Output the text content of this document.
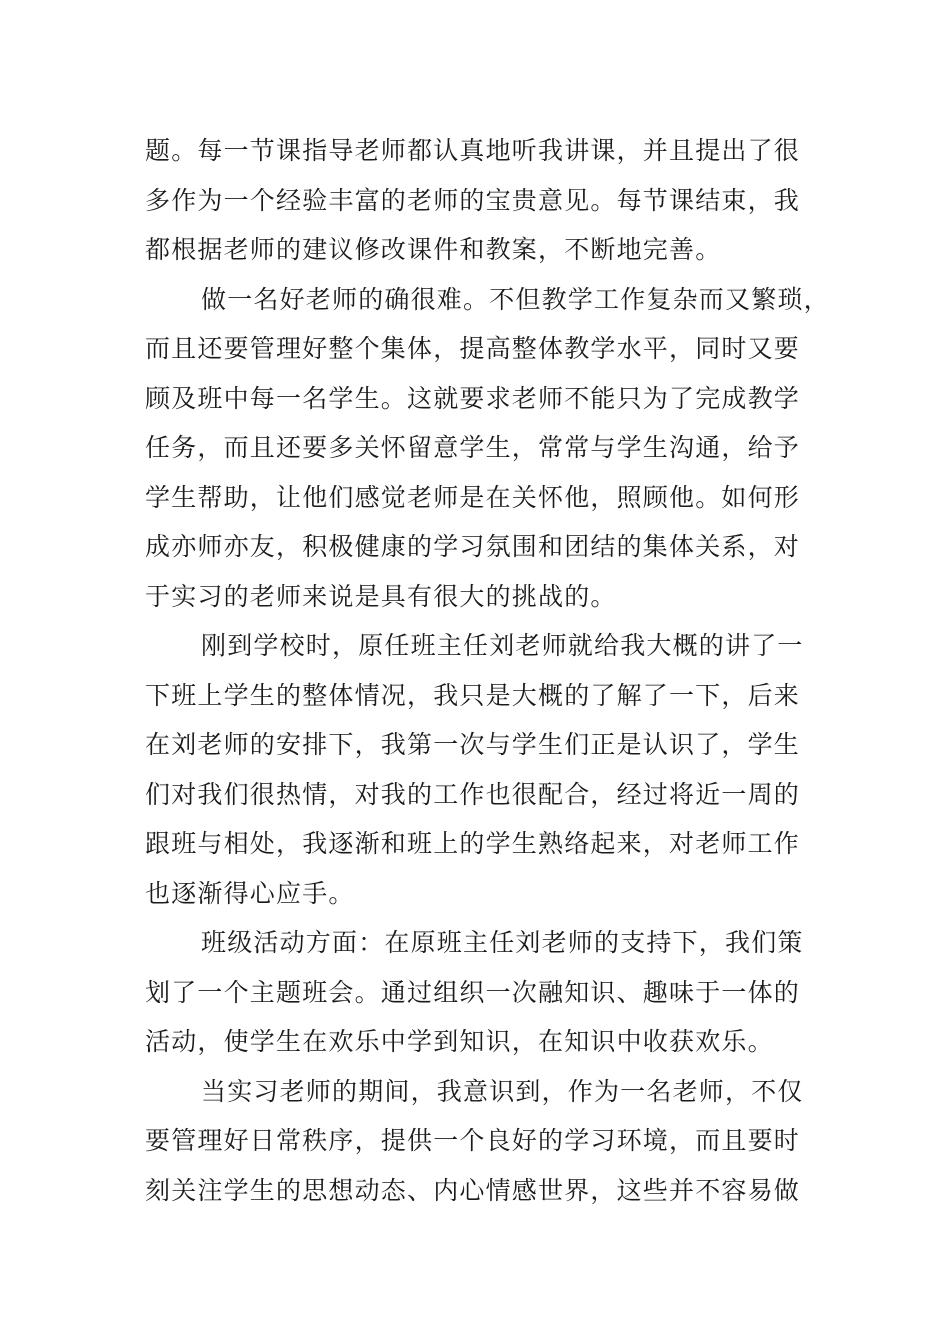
题。每一节课指导老师都认真地听我讲课，并且提出了很
多作为一个经验丰富的老师的宝贵意见。每节课结束，我
都根据老师的建议修改课件和教案，不断地完善。
做一名好老师的确很难。不但教学工作复杂而又繁琐，
而且还要管理好整个集体，提高整体教学水平，同时又要
顾及班中每一名学生。这就要求老师不能只为了完成教学
任务，而且还要多关怀留意学生，常常与学生沟通，给予
学生帮助，让他们感觉老师是在关怀他，照顾他。如何形
成亦师亦友，积极健康的学习氛围和团结的集体关系，对
于实习的老师来说是具有很大的挑战的。
刚到学校时，原任班主任刘老师就给我大概的讲了一
下班上学生的整体情况，我只是大概的了解了一下，后来
在刘老师的安排下，我第一次与学生们正是认识了，学生
们对我们很热情，对我的工作也很配合，经过将近一周的
跟班与相处，我逐渐和班上的学生熟络起来，对老师工作
也逐渐得心应手。
班级活动方面：在原班主任刘老师的支持下，我们策
划了一个主题班会。通过组织一次融知识、趣味于一体的
活动，使学生在欢乐中学到知识，在知识中收获欢乐。
当实习老师的期间，我意识到，作为一名老师，不仅
要管理好日常秩序，提供一个良好的学习环境，而且要时
刻关注学生的思想动态、内心情感世界，这些并不容易做
